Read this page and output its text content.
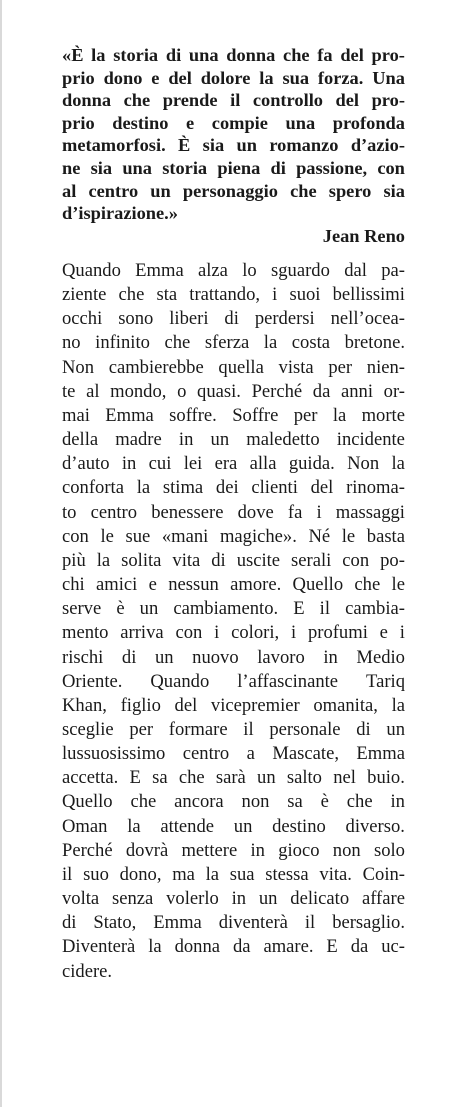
«È la storia di una donna che fa del pro-
prio dono e del dolore la sua forza. Una
donna che prende il controllo del pro-
prio destino e compie una profonda
metamorfosi. È sia un romanzo d’azio-
ne sia una storia piena di passione, con
al centro un personaggio che spero sia
d’ispirazione.»
Jean Reno
Quando Emma alza lo sguardo dal pa-
ziente che sta trattando, i suoi bellissimi
occhi sono liberi di perdersi nell’ocea-
no infinito che sferza la costa bretone.
Non cambierebbe quella vista per nien-
te al mondo, o quasi. Perché da anni or-
mai Emma soffre. Soffre per la morte
della madre in un maledetto incidente
d’auto in cui lei era alla guida. Non la
conforta la stima dei clienti del rinoma-
to centro benessere dove fa i massaggi
con le sue «mani magiche». Né le basta
più la solita vita di uscite serali con po-
chi amici e nessun amore. Quello che le
serve è un cambiamento. E il cambia-
mento arriva con i colori, i profumi e i
rischi di un nuovo lavoro in Medio
Oriente. Quando l’affascinante Tariq
Khan, figlio del vicepremier omanita, la
sceglie per formare il personale di un
lussuosissimo centro a Mascate, Emma
accetta. E sa che sarà un salto nel buio.
Quello che ancora non sa è che in
Oman la attende un destino diverso.
Perché dovrà mettere in gioco non solo
il suo dono, ma la sua stessa vita. Coin-
volta senza volerlo in un delicato affare
di Stato, Emma diventerà il bersaglio.
Diventerà la donna da amare. E da uc-
cidere.
